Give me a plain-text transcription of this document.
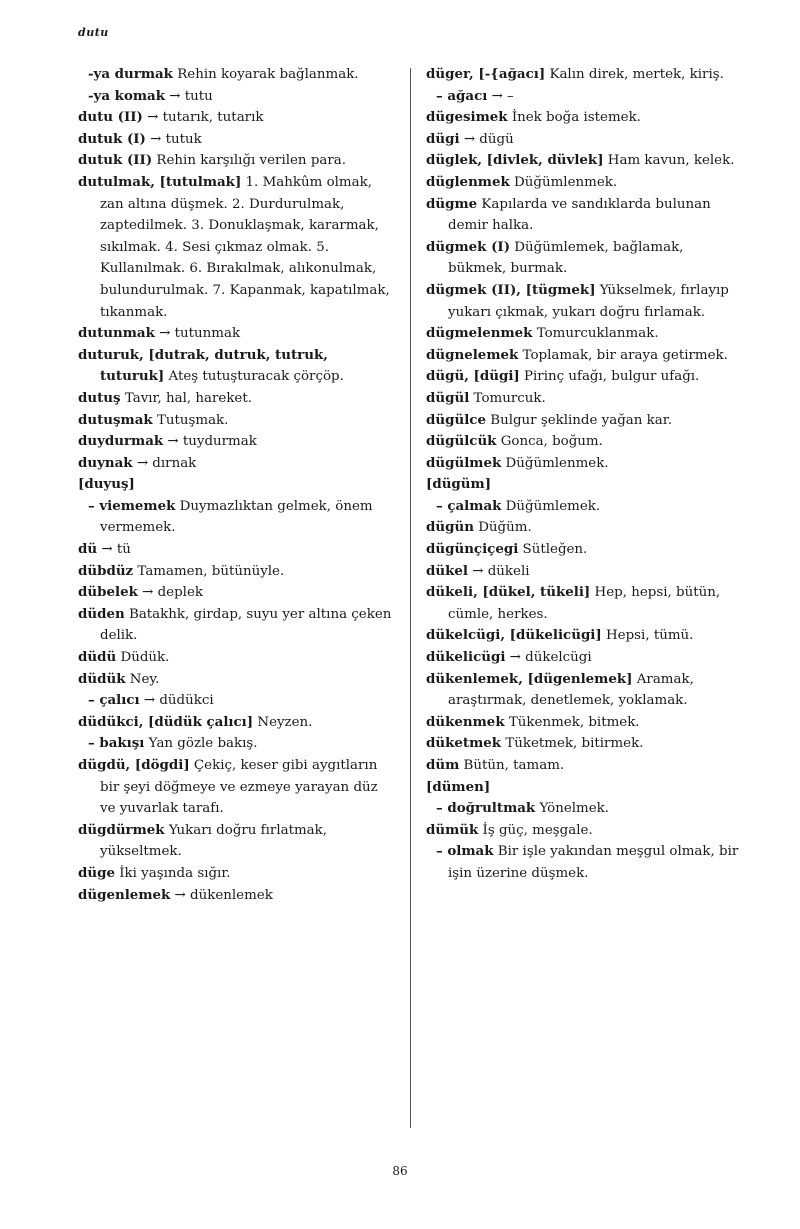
dutu

-ya durmak Rehin koyarak bağlanmak.

-ya komak → tutu

dutu (II) → tutarık, tutarık

dutuk (I) → tutuk

dutuk (II) Rehin karşılığı verilen para.

dutulmak, [tutulmak] 1. Mahkûm olmak, zan altına düşmek. 2. Durdurulmak, zaptedilmek. 3. Donuklaşmak, kararmak, sıkılmak. 4. Sesi çıkmaz olmak. 5. Kullanılmak. 6. Bırakılmak, alıkonulmak, bulundurulmak. 7. Kapanmak, kapatılmak, tıkanmak.

dutunmak → tutunmak

duturuk, [dutrak, dutruk, tutruk, tuturuk] Ateş tutuşturacak çörçöp.

dutuş Tavır, hal, hareket.

dutuşmak Tutuşmak.

duydurmak → tuydurmak

duynak → dırnak

[duyuş]

– viememek Duymazlıktan gelmek, önem vermemek.

dü → tü

dübdüz Tamamen, bütünüyle.

dübelek → deplek

düden Batakhk, girdap, suyu yer altına çeken delik.

düdü Düdük.

düdük Ney.

– çalıcı → düdükci

düdükci, [düdük çalıcı] Neyzen.

– bakışı Yan gözle bakış.

dügdü, [dögdi] Çekiç, keser gibi aygıtların bir şeyi döğmeye ve ezmeye yarayan düz ve yuvarlak tarafı.

dügdürmek Yukarı doğru fırlatmak, yükseltmek.

düge İki yaşında sığır.

dügenlemek → dükenlemek

düger, [-{ağacı] Kalın direk, mertek, kiriş.

– ağacı → –

dügesimek İnek boğa istemek.

dügi → dügü

düglek, [divlek, düvlek] Ham kavun, kelek.

düglenmek Düğümlenmek.

dügme Kapılarda ve sandıklarda bulunan demir halka.

dügmek (I) Düğümlemek, bağlamak, bükmek, burmak.

dügmek (II), [tügmek] Yükselmek, fırlayıp yukarı çıkmak, yukarı doğru fırlamak.

dügmelenmek Tomurcuklanmak.

dügnelemek Toplamak, bir araya getirmek.

dügü, [dügi] Pirinç ufağı, bulgur ufağı.

dügül Tomurcuk.

dügülce Bulgur şeklinde yağan kar.

dügülcük Gonca, boğum.

dügülmek Düğümlenmek.

[dügüm]

– çalmak Düğümlemek.

dügün Düğüm.

dügünçiçegi Sütleğen.

dükel → dükeli

dükeli, [dükel, tükeli] Hep, hepsi, bütün, cümle, herkes.

dükelcügi, [dükelicügi] Hepsi, tümü.

dükelicügi → dükelcügi

dükenlemek, [dügenlemek] Aramak, araştırmak, denetlemek, yoklamak.

dükenmek Tükenmek, bitmek.

düketmek Tüketmek, bitirmek.

düm Bütün, tamam.

[dümen]

– doğrultmak Yönelmek.

dümük İş güç, meşgale.

– olmak Bir işle yakından meşgul olmak, bir işin üzerine düşmek.

86
